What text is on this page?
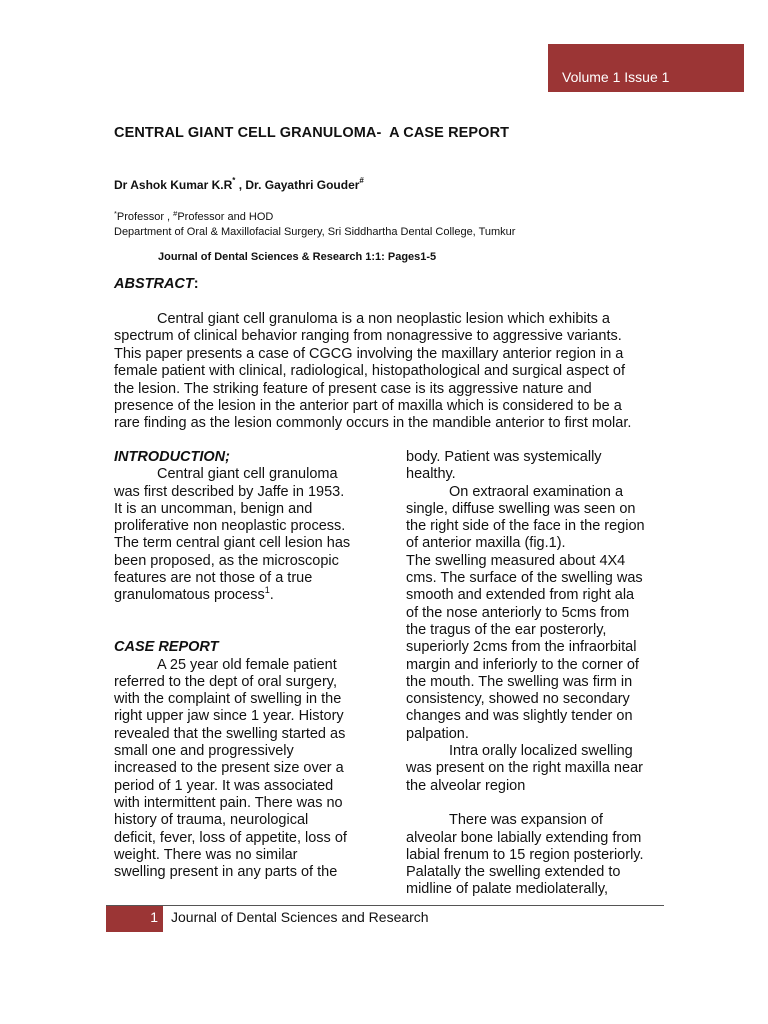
Volume 1 Issue 1
CENTRAL GIANT CELL GRANULOMA-  A CASE REPORT
Dr Ashok Kumar K.R* , Dr. Gayathri Gouder#
*Professor , #Professor and HOD
Department of Oral & Maxillofacial Surgery, Sri Siddhartha Dental College, Tumkur
Journal of Dental Sciences & Research 1:1: Pages1-5
ABSTRACT:
Central giant cell granuloma is a non neoplastic lesion which exhibits a
spectrum of clinical behavior ranging from nonagressive to aggressive variants.
This paper presents a case of CGCG involving the maxillary anterior region in a
female patient with clinical, radiological, histopathological and surgical aspect of
the lesion. The striking feature of present case is its aggressive nature and
presence of the lesion in the anterior part of maxilla which is considered to be a
rare finding as the lesion commonly occurs in the mandible anterior to first molar.
INTRODUCTION;
Central giant cell granuloma
was first described by Jaffe in 1953.
It is an uncomman, benign and
proliferative non neoplastic process.
The term central giant cell lesion has
been proposed, as the microscopic
features are not those of a true
granulomatous process$^1$.
CASE REPORT
A 25 year old female patient
referred to the dept of oral surgery,
with the complaint of swelling in the
right upper jaw since 1 year. History
revealed that the swelling started as
small one and progressively
increased to the present size over a
period of 1 year. It was associated
with intermittent pain. There was no
history of trauma, neurological
deficit, fever, loss of appetite, loss of
weight. There was no similar
swelling present in any parts of the
body. Patient was systemically
healthy.
On extraoral examination a
single, diffuse swelling was seen on
the right side of the face in the region
of anterior maxilla (fig.1).
The swelling measured about 4X4
cms. The surface of the swelling was
smooth and extended from right ala
of the nose anteriorly to 5cms from
the tragus of the ear posterorly,
superiorly 2cms from the infraorbital
margin and inferiorly to the corner of
the mouth. The swelling was firm in
consistency, showed no secondary
changes and was slightly tender on
palpation.
Intra orally localized swelling
was present on the right maxilla near
the alveolar region
There was expansion of
alveolar bone labially extending from
labial frenum to 15 region posteriorly.
Palatally the swelling extended to
midline of palate mediolaterally,
1 Journal of Dental Sciences and Research
